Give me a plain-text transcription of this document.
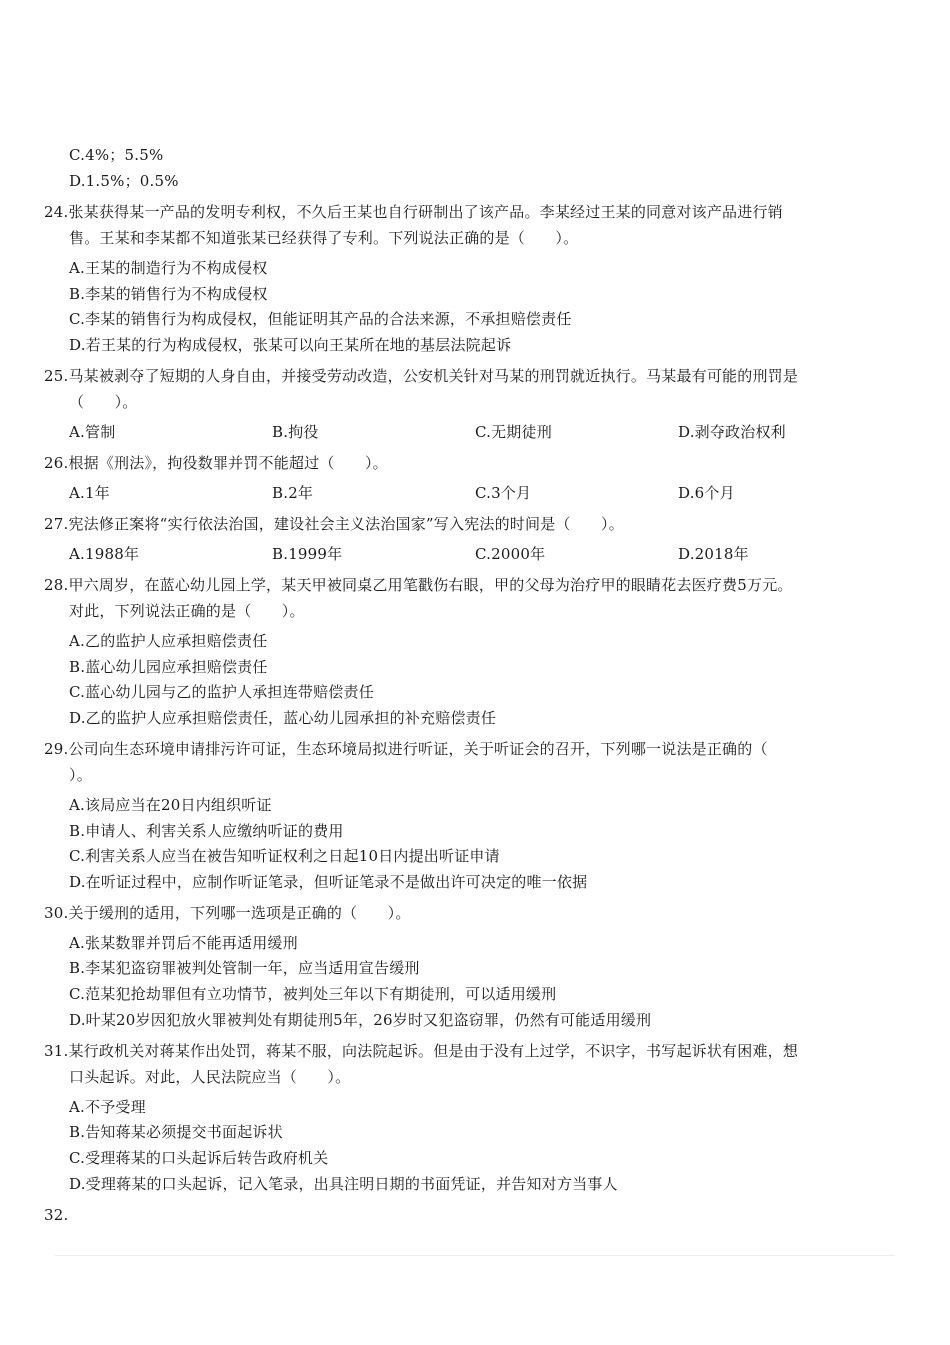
C.4%；5.5%
D.1.5%；0.5%
24.张某获得某一产品的发明专利权，不久后王某也自行研制出了该产品。李某经过王某的同意对该产品进行销
售。王某和李某都不知道张某已经获得了专利。下列说法正确的是（　　）。
A.王某的制造行为不构成侵权
B.李某的销售行为不构成侵权
C.李某的销售行为构成侵权，但能证明其产品的合法来源，不承担赔偿责任
D.若王某的行为构成侵权，张某可以向王某所在地的基层法院起诉
25.马某被剥夺了短期的人身自由，并接受劳动改造，公安机关针对马某的刑罚就近执行。马某最有可能的刑罚是
（　　）。
A.管制	B.拘役	C.无期徒刑	D.剥夺政治权利
26.根据《刑法》，拘役数罪并罚不能超过（　　）。
A.1年	B.2年	C.3个月	D.6个月
27.宪法修正案将“实行依法治国，建设社会主义法治国家”写入宪法的时间是（　　）。
A.1988年	B.1999年	C.2000年	D.2018年
28.甲六周岁，在蓝心幼儿园上学，某天甲被同桌乙用笔戳伤右眼，甲的父母为治疗甲的眼睛花去医疗费5万元。
对此，下列说法正确的是（　　）。
A.乙的监护人应承担赔偿责任
B.蓝心幼儿园应承担赔偿责任
C.蓝心幼儿园与乙的监护人承担连带赔偿责任
D.乙的监护人应承担赔偿责任，蓝心幼儿园承担的补充赔偿责任
29.公司向生态环境申请排污许可证，生态环境局拟进行听证，关于听证会的召开，下列哪一说法是正确的（
）。
A.该局应当在20日内组织听证
B.申请人、利害关系人应缴纳听证的费用
C.利害关系人应当在被告知听证权利之日起10日内提出听证申请
D.在听证过程中，应制作听证笔录，但听证笔录不是做出许可决定的唯一依据
30.关于缓刑的适用，下列哪一选项是正确的（　　）。
A.张某数罪并罚后不能再适用缓刑
B.李某犯盗窃罪被判处管制一年，应当适用宣告缓刑
C.范某犯抢劫罪但有立功情节，被判处三年以下有期徒刑，可以适用缓刑
D.叶某20岁因犯放火罪被判处有期徒刑5年，26岁时又犯盗窃罪，仍然有可能适用缓刑
31.某行政机关对蒋某作出处罚，蒋某不服，向法院起诉。但是由于没有上过学，不识字，书写起诉状有困难，想
口头起诉。对此，人民法院应当（　　）。
A.不予受理
B.告知蒋某必须提交书面起诉状
C.受理蒋某的口头起诉后转告政府机关
D.受理蒋某的口头起诉，记入笔录，出具注明日期的书面凭证，并告知对方当事人
32.
